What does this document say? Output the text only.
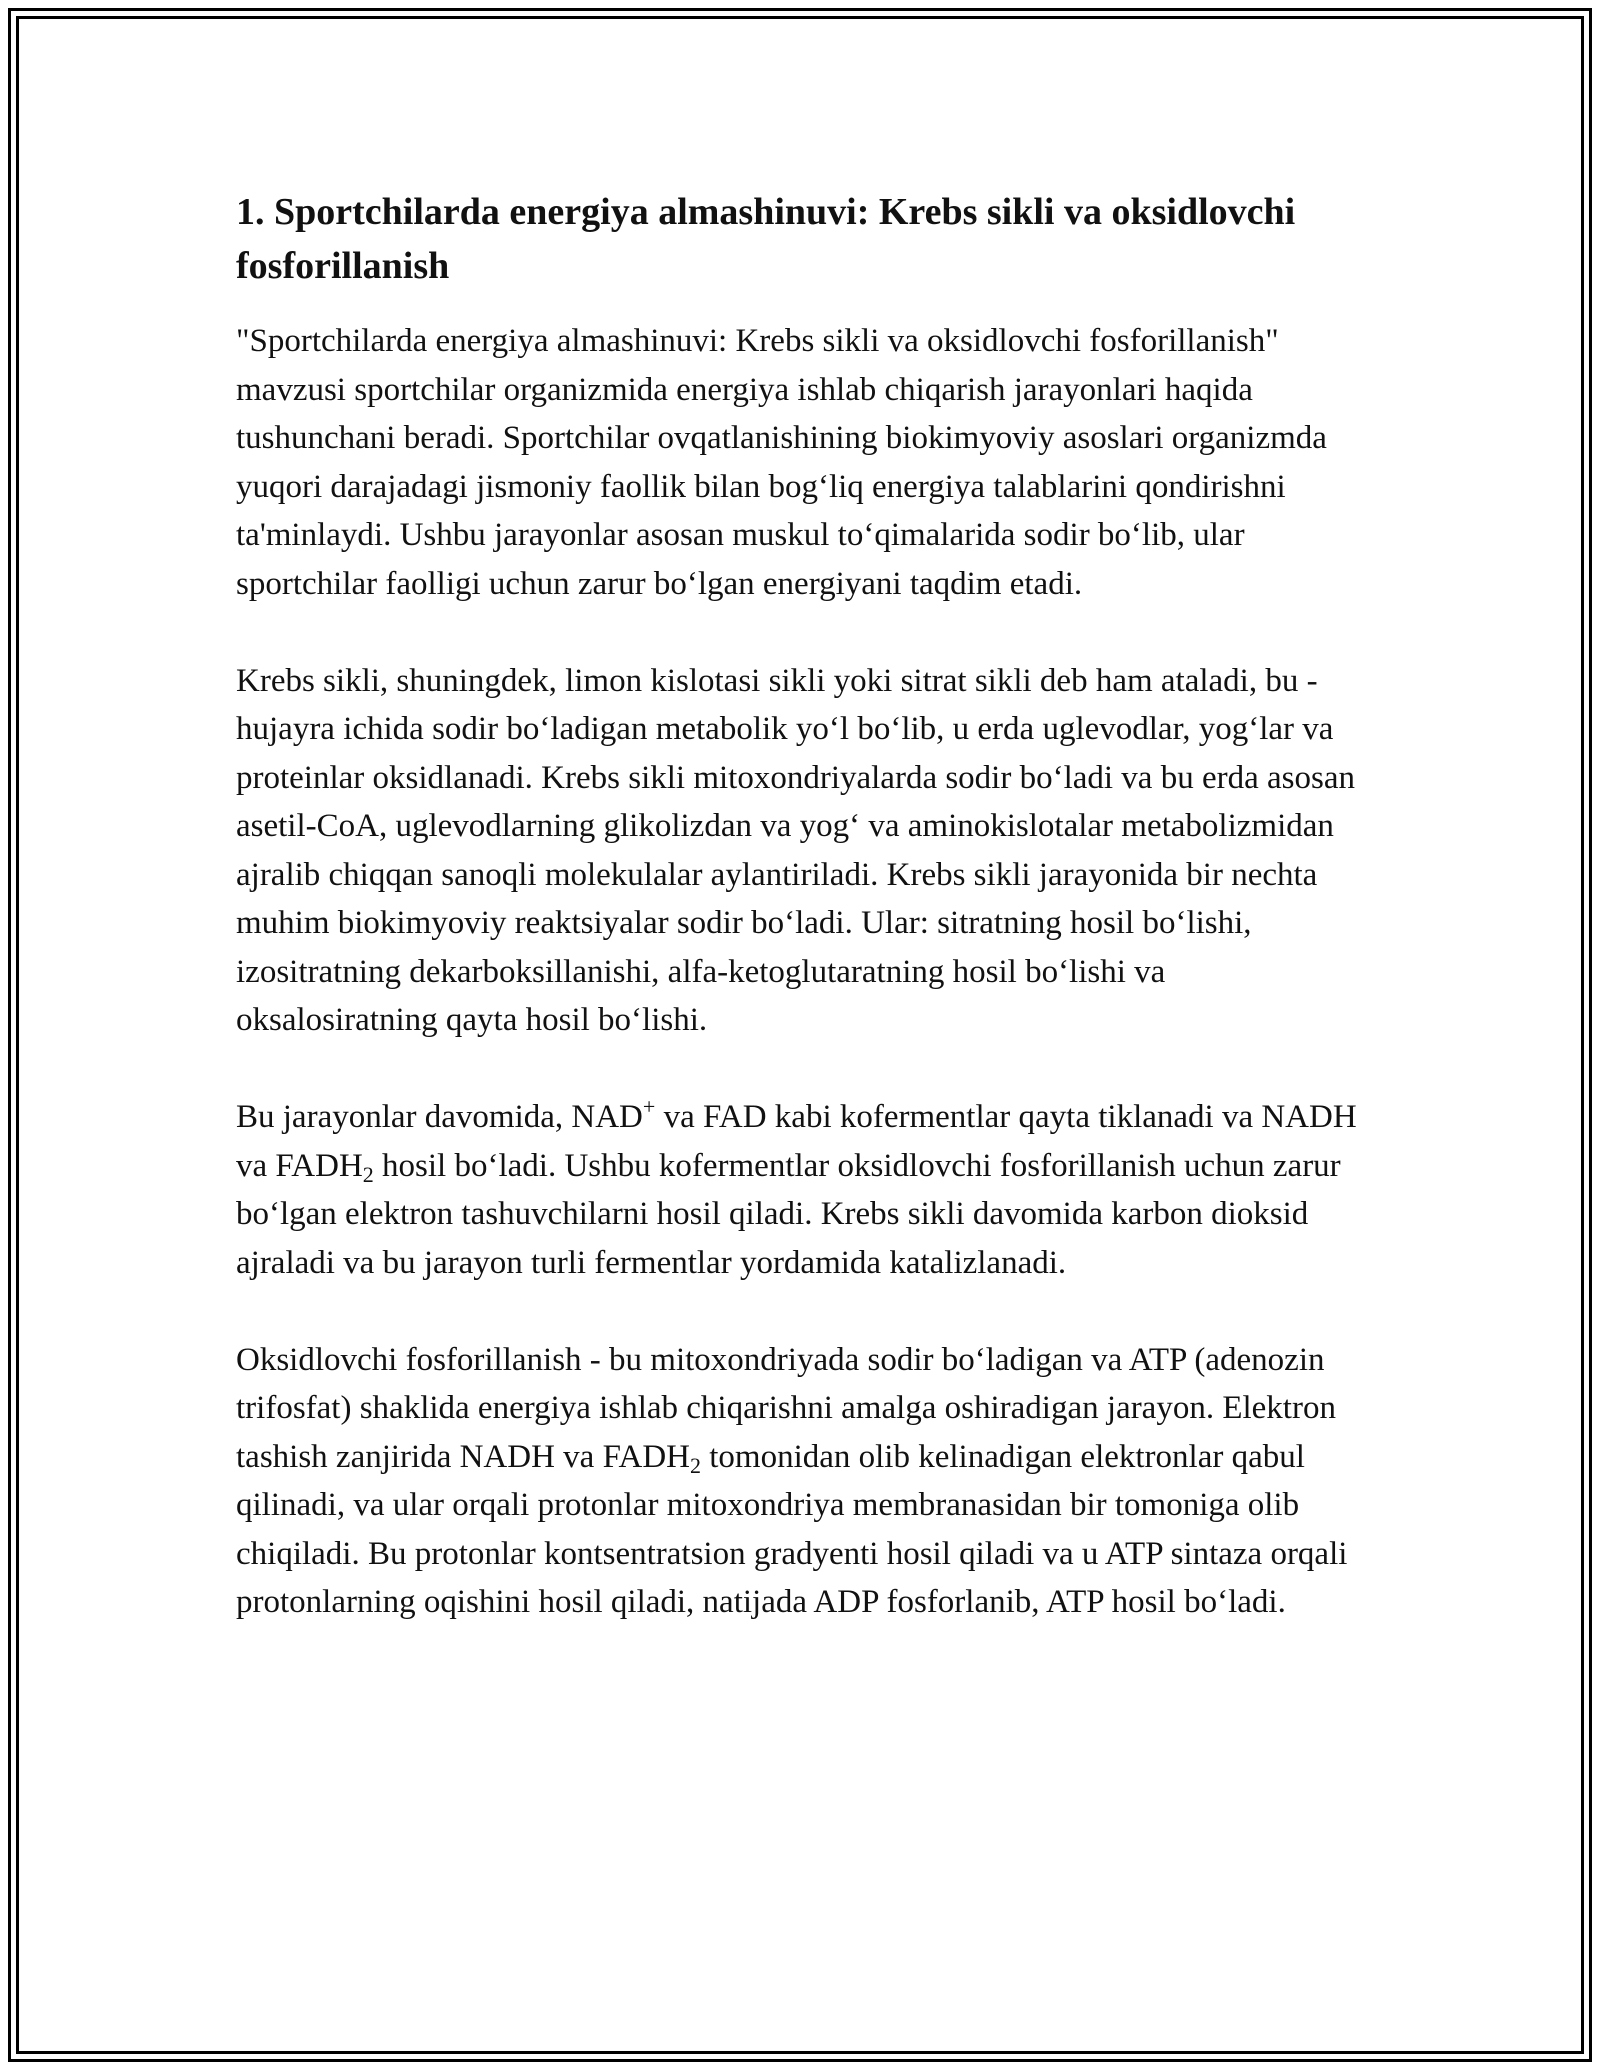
1. Sportchilarda energiya almashinuvi: Krebs sikli va oksidlovchi fosforillanish

"Sportchilarda energiya almashinuvi: Krebs sikli va oksidlovchi fosforillanish" mavzusi sportchilar organizmida energiya ishlab chiqarish jarayonlari haqida tushunchani beradi. Sportchilar ovqatlanishining biokimyoviy asoslari organizmda yuqori darajadagi jismoniy faollik bilan bog‘liq energiya talablarini qondirishni ta'minlaydi. Ushbu jarayonlar asosan muskul to‘qimalarida sodir bo‘lib, ular sportchilar faolligi uchun zarur bo‘lgan energiyani taqdim etadi.

Krebs sikli, shuningdek, limon kislotasi sikli yoki sitrat sikli deb ham ataladi, bu - hujayra ichida sodir bo‘ladigan metabolik yo‘l bo‘lib, u erda uglevodlar, yog‘lar va proteinlar oksidlanadi. Krebs sikli mitoxondriyalarda sodir bo‘ladi va bu erda asosan asetil-CoA, uglevodlarning glikolizdan va yog‘ va aminokislotalar metabolizmidan ajralib chiqqan sanoqli molekulalar aylantiriladi. Krebs sikli jarayonida bir nechta muhim biokimyoviy reaktsiyalar sodir bo‘ladi. Ular: sitratning hosil bo‘lishi, izositratning dekarboksillanishi, alfa-ketoglutaratning hosil bo‘lishi va oksalosiratning qayta hosil bo‘lishi.

Bu jarayonlar davomida, NAD+ va FAD kabi kofermentlar qayta tiklanadi va NADH va $FADH_2$ hosil bo‘ladi. Ushbu kofermentlar oksidlovchi fosforillanish uchun zarur bo‘lgan elektron tashuvchilarni hosil qiladi. Krebs sikli davomida karbon dioksid ajraladi va bu jarayon turli fermentlar yordamida katalizlanadi.

Oksidlovchi fosforillanish - bu mitoxondriyada sodir bo‘ladigan va ATP (adenozin trifosfat) shaklida energiya ishlab chiqarishni amalga oshiradigan jarayon. Elektron tashish zanjirida NADH va $FADH_2$ tomonidan olib kelinadigan elektronlar qabul qilinadi, va ular orqali protonlar mitoxondriya membranasidan bir tomoniga olib chiqiladi. Bu protonlar kontsentratsion gradyenti hosil qiladi va u ATP sintaza orqali protonlarning oqishini hosil qiladi, natijada ADP fosforlanib, ATP hosil bo‘ladi.
